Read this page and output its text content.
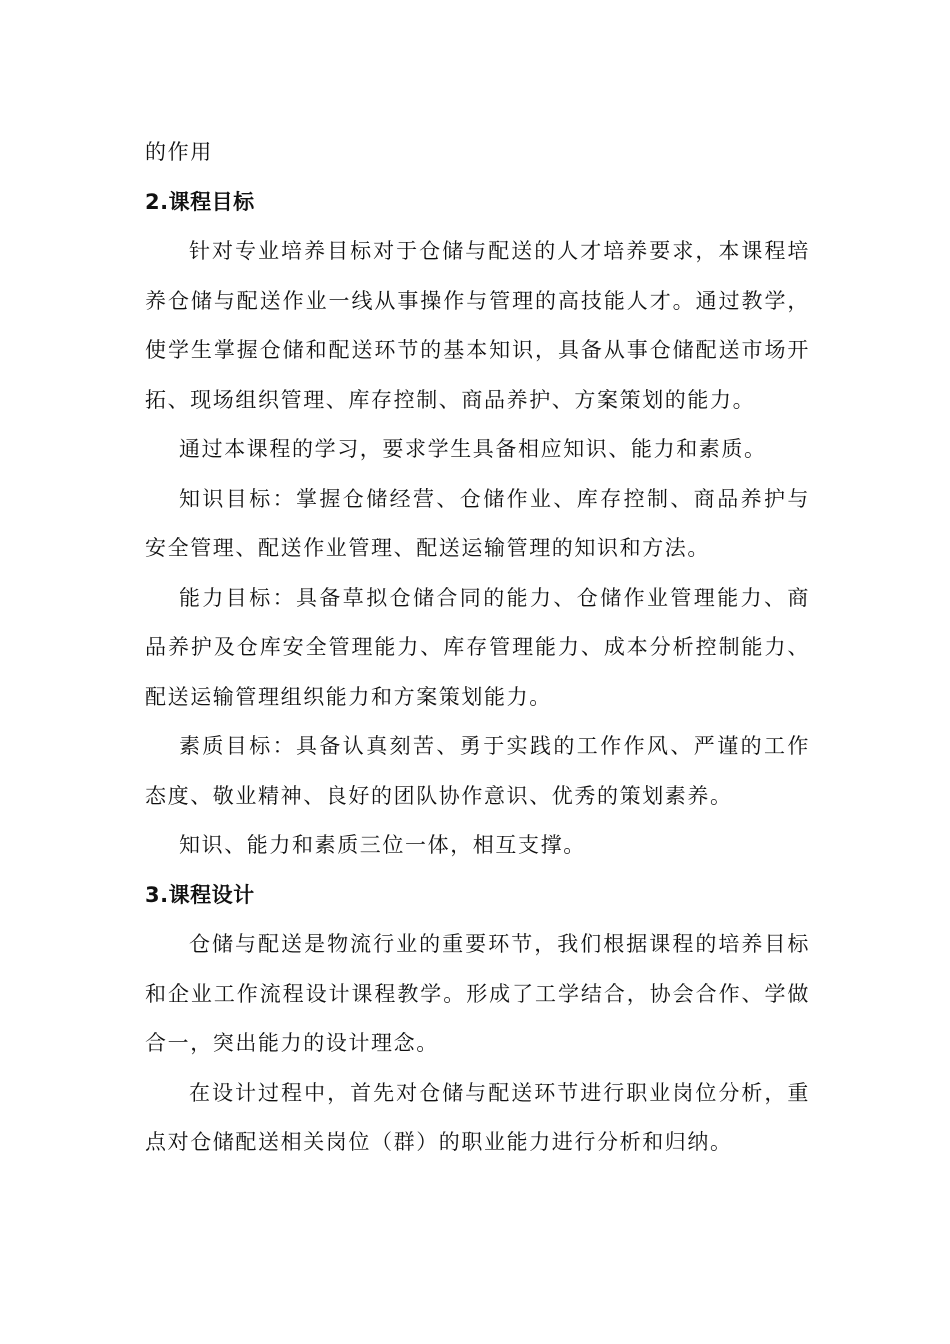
的作用

2.课程目标

针对专业培养目标对于仓储与配送的人才培养要求，本课程培养仓储与配送作业一线从事操作与管理的高技能人才。通过教学，使学生掌握仓储和配送环节的基本知识，具备从事仓储配送市场开拓、现场组织管理、库存控制、商品养护、方案策划的能力。

通过本课程的学习，要求学生具备相应知识、能力和素质。

知识目标：掌握仓储经营、仓储作业、库存控制、商品养护与安全管理、配送作业管理、配送运输管理的知识和方法。

能力目标：具备草拟仓储合同的能力、仓储作业管理能力、商品养护及仓库安全管理能力、库存管理能力、成本分析控制能力、配送运输管理组织能力和方案策划能力。

素质目标：具备认真刻苦、勇于实践的工作作风、严谨的工作态度、敬业精神、良好的团队协作意识、优秀的策划素养。

知识、能力和素质三位一体，相互支撑。

3.课程设计

仓储与配送是物流行业的重要环节，我们根据课程的培养目标和企业工作流程设计课程教学。形成了工学结合，协会合作、学做合一，突出能力的设计理念。

在设计过程中，首先对仓储与配送环节进行职业岗位分析，重点对仓储配送相关岗位（群）的职业能力进行分析和归纳。
